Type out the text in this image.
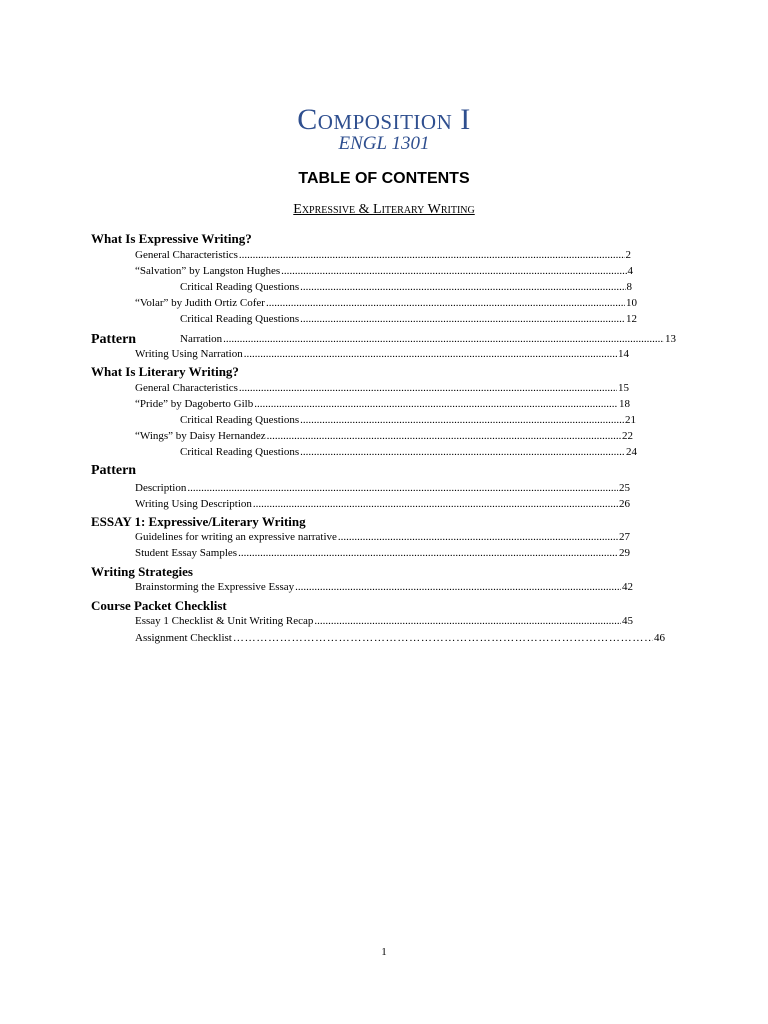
Composition I
ENGL 1301
TABLE OF CONTENTS
Expressive & Literary Writing
What Is Expressive Writing?
General Characteristics .....	2
“Salvation” by Langston Hughes .....	4
Critical Reading Questions .....	8
“Volar” by Judith Ortiz Cofer .....	10
Critical Reading Questions .....	12
Pattern	Narration .....	13
Writing Using Narration .....	14
What Is Literary Writing?
General Characteristics .....	15
“Pride” by Dagoberto Gilb .....	18
Critical Reading Questions .....	21
“Wings” by Daisy Hernandez .....	22
Critical Reading Questions .....	24
Pattern
Description .....	25
Writing Using Description .....	26
ESSAY 1: Expressive/Literary Writing
Guidelines for writing an expressive narrative .....	27
Student Essay Samples .....	29
Writing Strategies
Brainstorming the Expressive Essay .....	42
Course Packet Checklist
Essay 1 Checklist & Unit Writing Recap .....	45
Assignment Checklist … … … … … … … … … … … … … … … … … … … … … … … … … … … … … … … … … … … … … … … … … … … … … … …	46
1
